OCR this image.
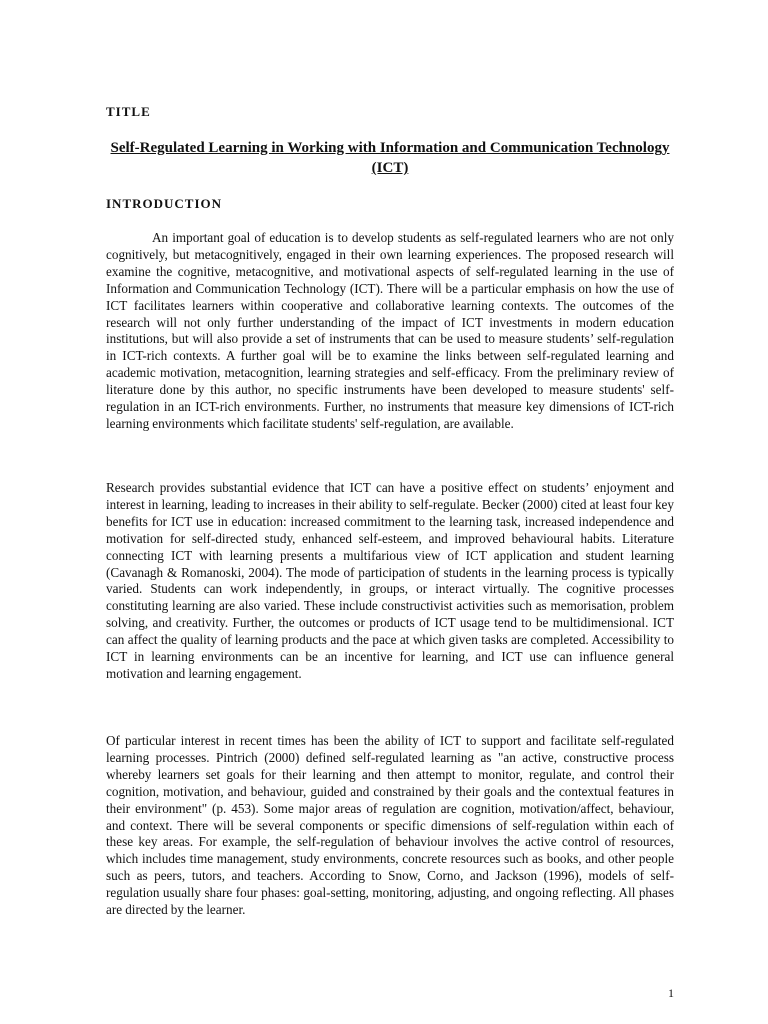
TITLE
Self-Regulated Learning in Working with Information and Communication Technology (ICT)
INTRODUCTION

An important goal of education is to develop students as self-regulated learners who are not only cognitively, but metacognitively, engaged in their own learning experiences. The proposed research will examine the cognitive, metacognitive, and motivational aspects of self-regulated learning in the use of Information and Communication Technology (ICT). There will be a particular emphasis on how the use of ICT facilitates learners within cooperative and collaborative learning contexts. The outcomes of the research will not only further understanding of the impact of ICT investments in modern education institutions, but will also provide a set of instruments that can be used to measure students’ self-regulation in ICT-rich contexts. A further goal will be to examine the links between self-regulated learning and academic motivation, metacognition, learning strategies and self-efficacy. From the preliminary review of literature done by this author, no specific instruments have been developed to measure students' self-regulation in an ICT-rich environments. Further, no instruments that measure key dimensions of ICT-rich learning environments which facilitate students' self-regulation, are available.

Research provides substantial evidence that ICT can have a positive effect on students’ enjoyment and interest in learning, leading to increases in their ability to self-regulate. Becker (2000) cited at least four key benefits for ICT use in education: increased commitment to the learning task, increased independence and motivation for self-directed study, enhanced self-esteem, and improved behavioural habits. Literature connecting ICT with learning presents a multifarious view of ICT application and student learning (Cavanagh & Romanoski, 2004). The mode of participation of students in the learning process is typically varied. Students can work independently, in groups, or interact virtually. The cognitive processes constituting learning are also varied. These include constructivist activities such as memorisation, problem solving, and creativity. Further, the outcomes or products of ICT usage tend to be multidimensional. ICT can affect the quality of learning products and the pace at which given tasks are completed. Accessibility to ICT in learning environments can be an incentive for learning, and ICT use can influence general motivation and learning engagement.

Of particular interest in recent times has been the ability of ICT to support and facilitate self-regulated learning processes. Pintrich (2000) defined self-regulated learning as "an active, constructive process whereby learners set goals for their learning and then attempt to monitor, regulate, and control their cognition, motivation, and behaviour, guided and constrained by their goals and the contextual features in their environment" (p. 453). Some major areas of regulation are cognition, motivation/affect, behaviour, and context. There will be several components or specific dimensions of self-regulation within each of these key areas. For example, the self-regulation of behaviour involves the active control of resources, which includes time management, study environments, concrete resources such as books, and other people such as peers, tutors, and teachers. According to Snow, Corno, and Jackson (1996), models of self-regulation usually share four phases: goal-setting, monitoring, adjusting, and ongoing reflecting. All phases are directed by the learner.

1
